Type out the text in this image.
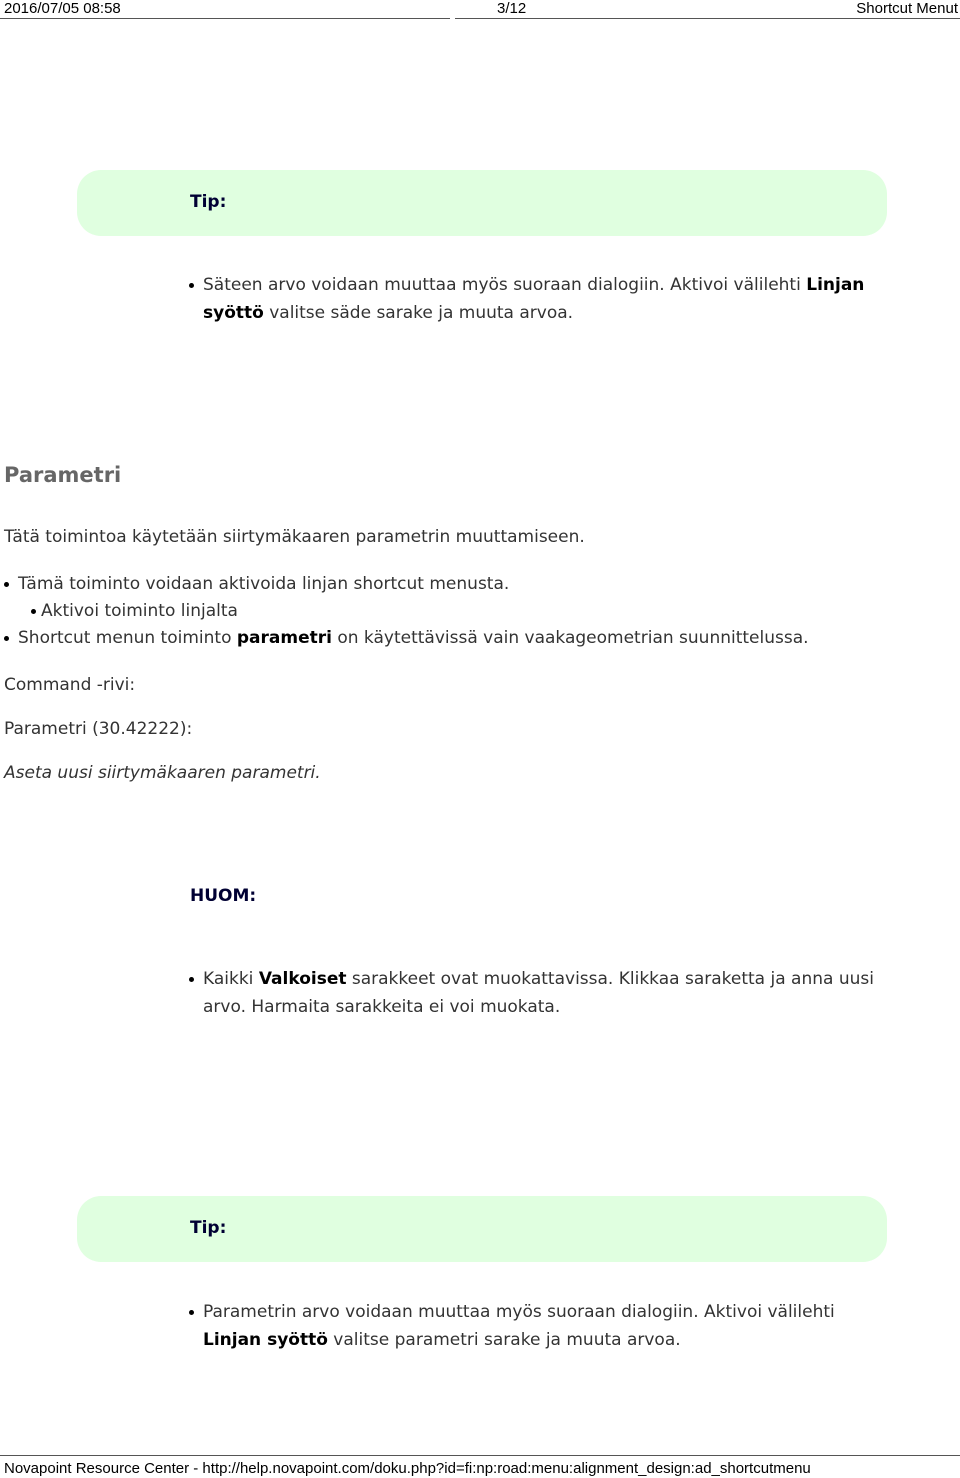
2016/07/05 08:58	3/12	Shortcut Menut
Tip:
Säteen arvo voidaan muuttaa myös suoraan dialogiin. Aktivoi välilehti Linjan syöttö valitse säde sarake ja muuta arvoa.
Parametri
Tätä toimintoa käytetään siirtymäkaaren parametrin muuttamiseen.
Tämä toiminto voidaan aktivoida linjan shortcut menusta.
Aktivoi toiminto linjalta
Shortcut menun toiminto parametri on käytettävissä vain vaakageometrian suunnittelussa.
Command -rivi:
Parametri (30.42222):
Aseta uusi siirtymäkaaren parametri.
HUOM:
Kaikki Valkoiset sarakkeet ovat muokattavissa. Klikkaa saraketta ja anna uusi arvo. Harmaita sarakkeita ei voi muokata.
Tip:
Parametrin arvo voidaan muuttaa myös suoraan dialogiin. Aktivoi välilehti Linjan syöttö valitse parametri sarake ja muuta arvoa.
Novapoint Resource Center - http://help.novapoint.com/doku.php?id=fi:np:road:menu:alignment_design:ad_shortcutmenu
